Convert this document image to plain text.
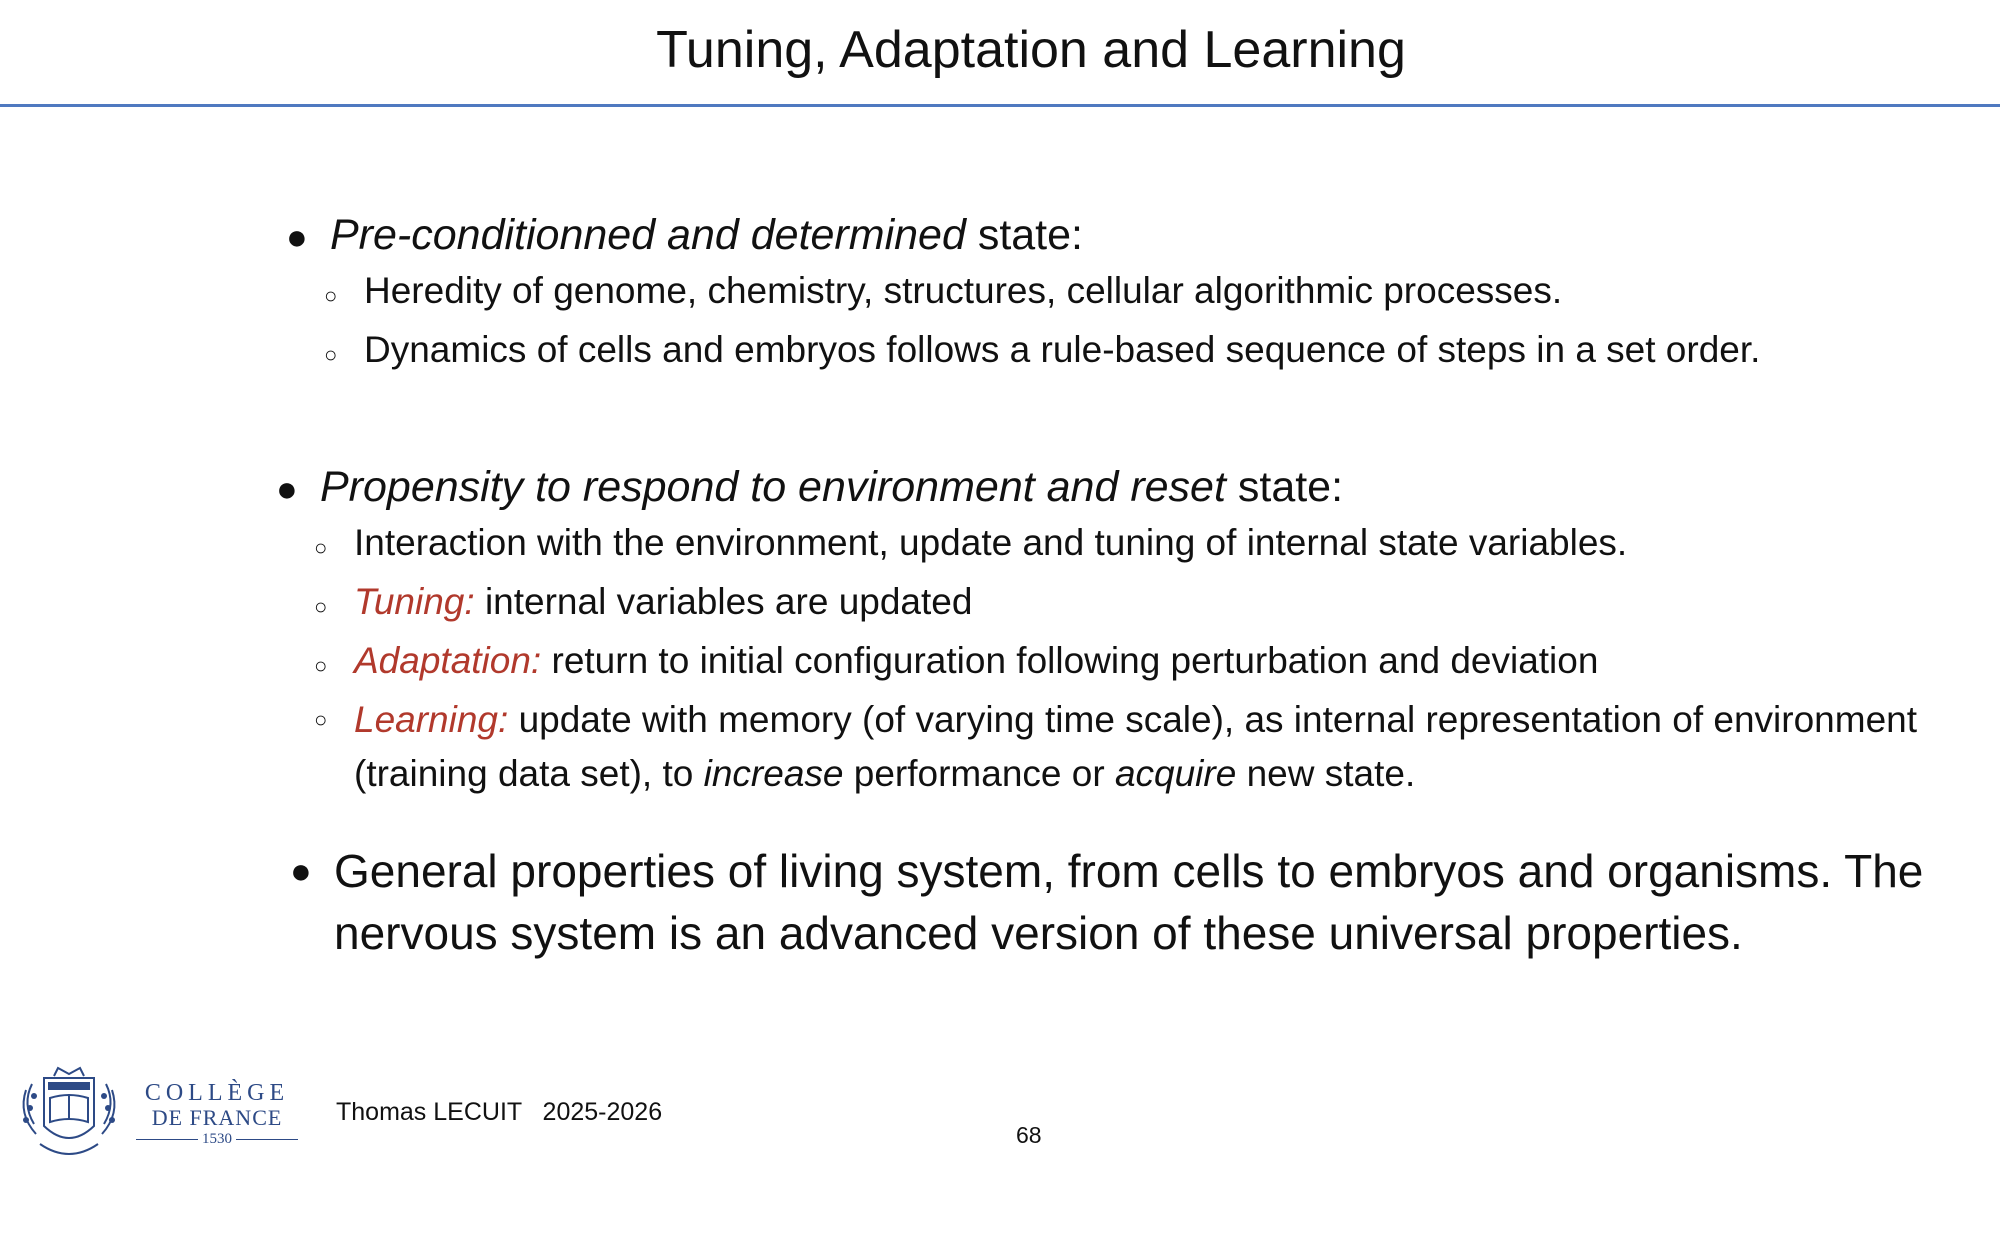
Tuning, Adaptation and Learning
● Pre-conditionned and determined state:
○ Heredity of genome, chemistry, structures, cellular algorithmic processes.
○ Dynamics of cells and embryos follows a rule-based sequence of steps in a set order.
● Propensity to respond to environment and reset state:
○ Interaction with the environment, update and tuning of internal state variables.
○ Tuning: internal variables are updated
○ Adaptation: return to initial configuration following perturbation and deviation
○ Learning: update with memory (of varying time scale), as internal representation of environment (training data set), to increase performance or acquire new state.
● General properties of living system, from cells to embryos and organisms. The nervous system is an advanced version of these universal properties.
COLLÈGE
DE FRANCE
1530
Thomas LECUIT   2025-2026
68
